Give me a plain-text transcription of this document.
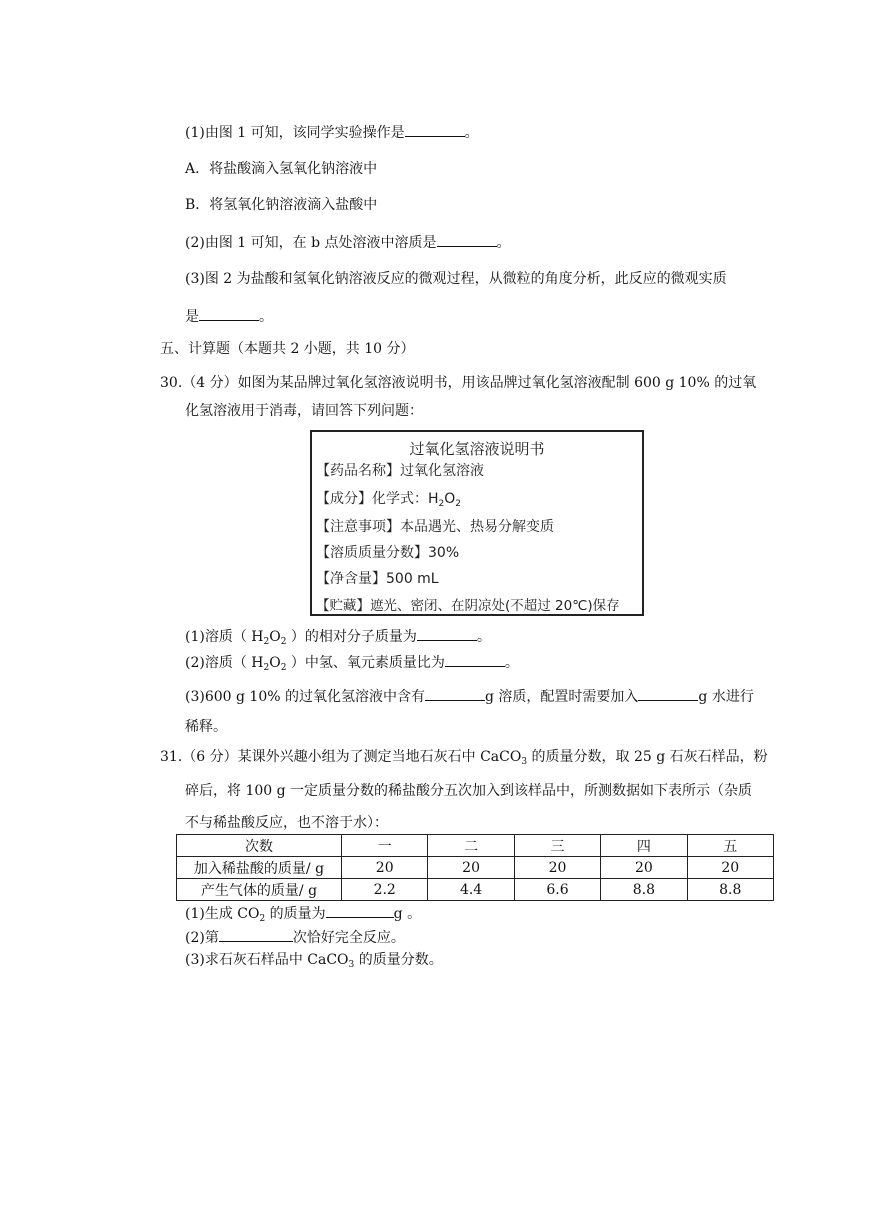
(1)由图 1 可知，该同学实验操作是	。
A．将盐酸滴入氢氧化钠溶液中
B．将氢氧化钠溶液滴入盐酸中
(2)由图 1 可知，在 b 点处溶液中溶质是	。
(3)图 2 为盐酸和氢氧化钠溶液反应的微观过程，从微粒的角度分析，此反应的微观实质
是	。
五、计算题（本题共 2 小题，共 10 分）
30.（4 分）如图为某品牌过氧化氢溶液说明书，用该品牌过氧化氢溶液配制 600 g 10% 的过氧
化氢溶液用于消毒，请回答下列问题：
过氧化氢溶液说明书
【药品名称】过氧化氢溶液
【成分】化学式：$H_2O_2$
【注意事项】本品遇光、热易分解变质
【溶质质量分数】30%
【净含量】500 mL
【贮藏】遮光、密闭、在阴凉处(不超过 20℃)保存
(1)溶质（ $H_2O_2$ ）的相对分子质量为	。
(2)溶质（ $H_2O_2$ ）中氢、氧元素质量比为	。
(3)600 g 10% 的过氧化氢溶液中含有	g 溶质，配置时需要加入	g 水进行
稀释。
31.（6 分）某课外兴趣小组为了测定当地石灰石中 CaCO$_3$ 的质量分数，取 25 g 石灰石样品，粉
碎后，将 100 g 一定质量分数的稀盐酸分五次加入到该样品中，所测数据如下表所示（杂质
不与稀盐酸反应，也不溶于水）：
次数	一	二	三	四	五
加入稀盐酸的质量/ g	20	20	20	20	20
产生气体的质量/ g	2.2	4.4	6.6	8.8	8.8
(1)生成 $CO_2$ 的质量为	g 。
(2)第	次恰好完全反应。
(3)求石灰石样品中 CaCO$_3$ 的质量分数。
